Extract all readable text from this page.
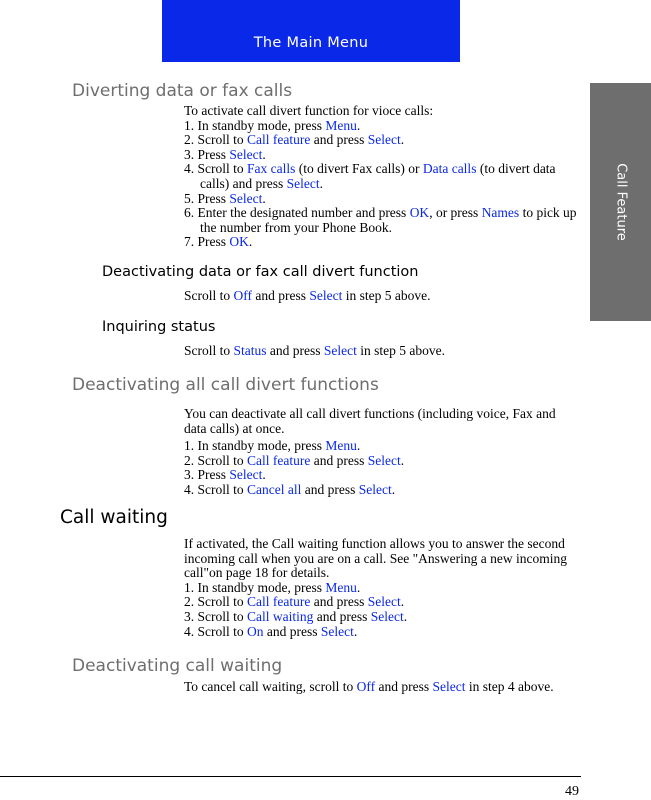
The Main Menu
Call Feature
Diverting data or fax calls

To activate call divert function for vioce calls:

1. In standby mode, press Menu.

2. Scroll to Call feature and press Select.

3. Press Select.

4. Scroll to Fax calls (to divert Fax calls) or Data calls (to divert data calls) and press Select.

5. Press Select.

6. Enter the designated number and press OK, or press Names to pick up the number from your Phone Book.

7. Press OK.

Deactivating data or fax call divert function

Scroll to Off and press Select in step 5 above.

Inquiring status

Scroll to Status and press Select in step 5 above.

Deactivating all call divert functions

You can deactivate all call divert functions (including voice, Fax and data calls) at once.

1. In standby mode, press Menu.

2. Scroll to Call feature and press Select.

3. Press Select.

4. Scroll to Cancel all and press Select.

Call waiting

If activated, the Call waiting function allows you to answer the second incoming call when you are on a call. See "Answering a new incoming call"on page 18 for details.

1. In standby mode, press Menu.

2. Scroll to Call feature and press Select.

3. Scroll to Call waiting and press Select.

4. Scroll to On and press Select.

Deactivating call waiting

To cancel call waiting, scroll to Off and press Select in step 4 above.

49
